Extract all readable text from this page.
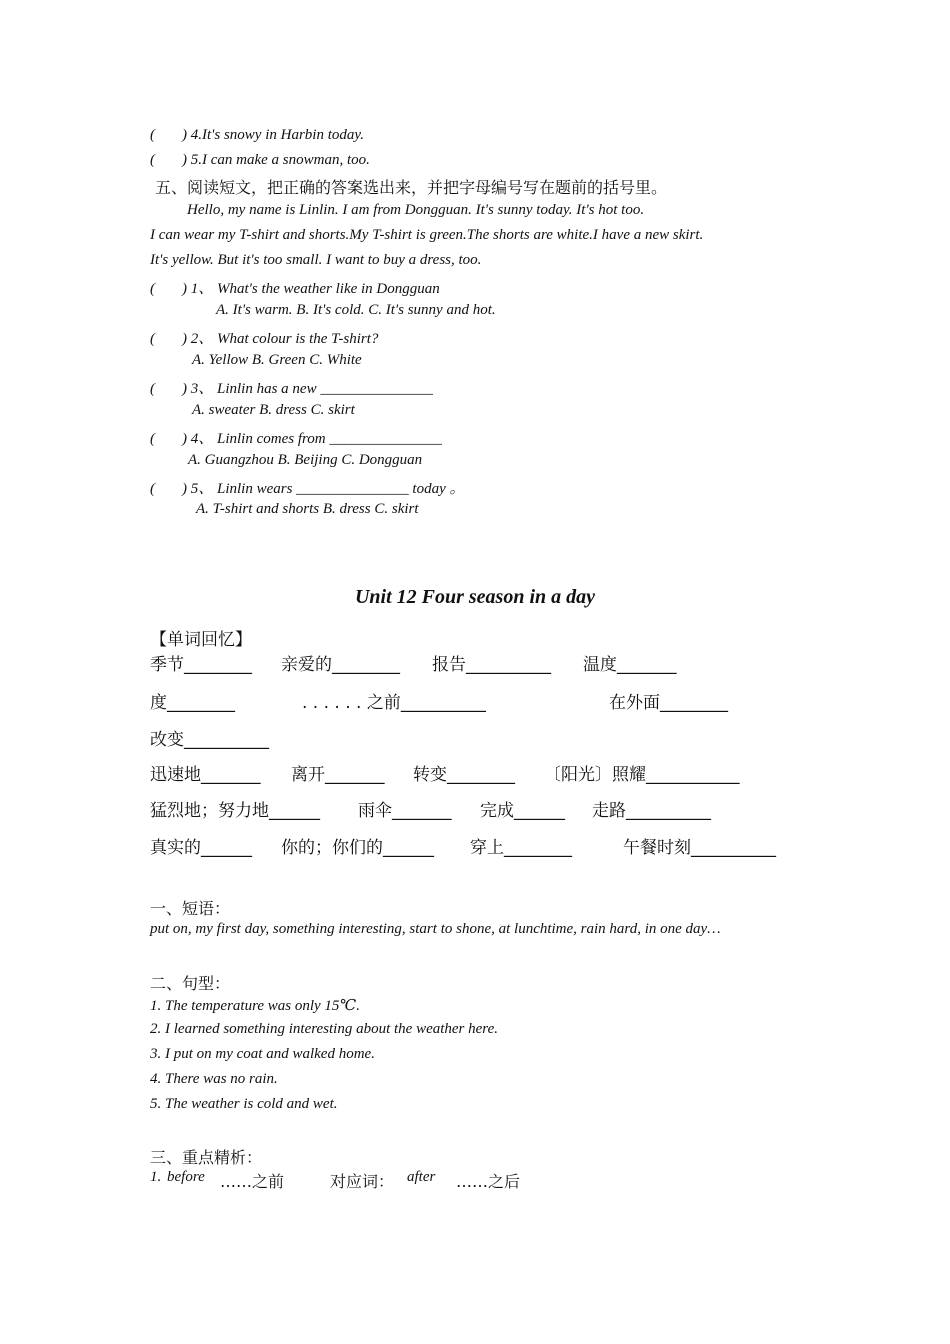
( ) 4.It's snowy in Harbin today.
( ) 5.I can make a snowman, too.
五、阅读短文，把正确的答案选出来，并把字母编号写在题前的括号里。
Hello, my name is Linlin. I am from Dongguan. It's sunny today. It's hot too.
I can wear my T-shirt and shorts.My T-shirt is green.The shorts are white.I have a new skirt.
It's yellow. But it's too small. I want to buy a dress, too.
( ) 1、 What's the weather like in Dongguan
A. It's warm. B. It's cold. C. It's sunny and hot.
( ) 2、 What colour is the T-shirt?
A. Yellow B. Green C. White
( ) 3、 Linlin has a new _______________
A. sweater B. dress C. skirt
( ) 4、 Linlin comes from _______________
A. Guangzhou B. Beijing C. Dongguan
( ) 5、 Linlin wears _______________ today 。
A. T-shirt and shorts B. dress C. skirt
Unit 12 Four season in a day
【单词回忆】
季节________ 亲爱的________ 报告__________ 温度_______
度________	. . . . . . 之前__________	在外面________
改变__________
迅速地_______ 离开_______ 转变________ 〔阳光〕照耀___________
猛烈地；努力地______ 雨伞_______ 完成______ 走路__________
真实的______ 你的；你们的______ 穿上________	午餐时刻__________
一、短语：
put on, my first day, something interesting, start to shone, at lunchtime, rain hard, in one day…
二、句型：
1. The temperature was only 15℃.
2. I learned something interesting about the weather here.
3. I put on my coat and walked home.
4. There was no rain.
5. The weather is cold and wet.
三、重点精析：
1. before ……之前	对应词： after ……之后
